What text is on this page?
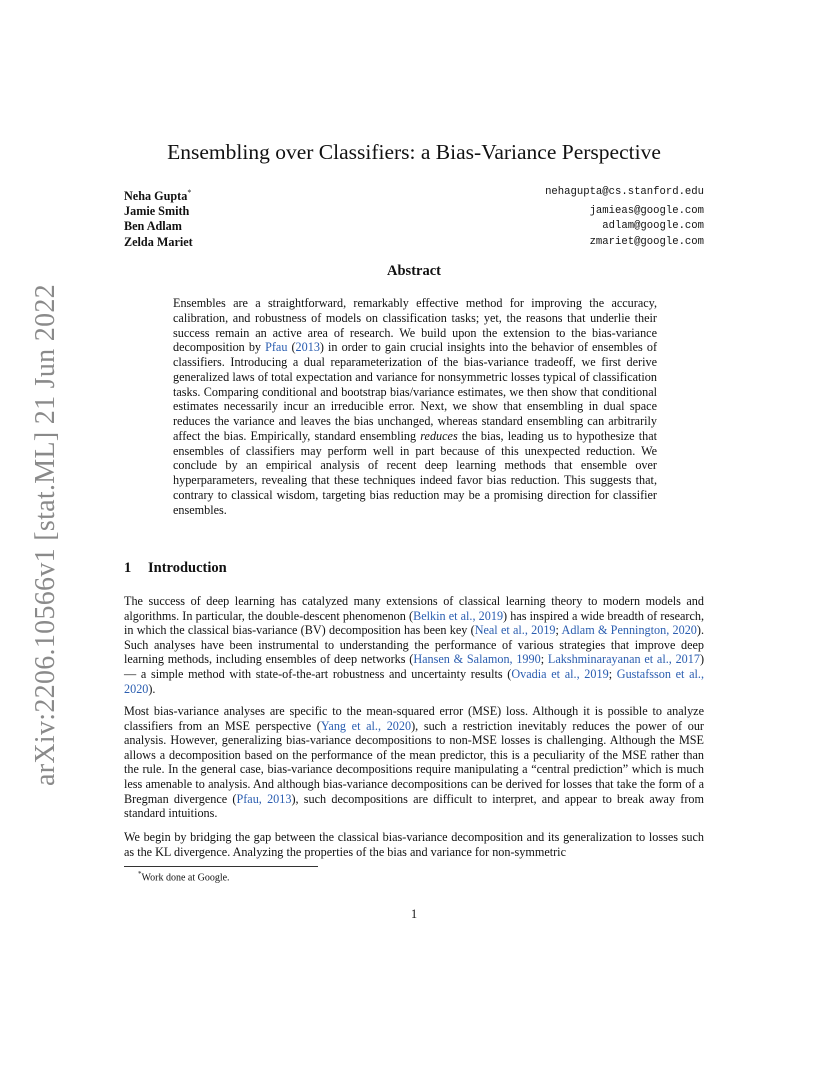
arXiv:2206.10566v1 [stat.ML] 21 Jun 2022
Ensembling over Classifiers: a Bias-Variance Perspective
Neha Gupta*	nehagupta@cs.stanford.edu
Jamie Smith	jamieas@google.com
Ben Adlam	adlam@google.com
Zelda Mariet	zmariet@google.com
Abstract

Ensembles are a straightforward, remarkably effective method for improving the accuracy, calibration, and robustness of models on classification tasks; yet, the reasons that underlie their success remain an active area of research. We build upon the extension to the bias-variance decomposition by Pfau (2013) in order to gain crucial insights into the behavior of ensembles of classifiers. Introducing a dual reparameterization of the bias-variance tradeoff, we first derive generalized laws of total expectation and variance for nonsymmetric losses typical of classification tasks. Comparing conditional and bootstrap bias/variance estimates, we then show that conditional estimates necessarily incur an irreducible error. Next, we show that ensembling in dual space reduces the variance and leaves the bias unchanged, whereas standard ensembling can arbitrarily affect the bias. Empirically, standard ensembling reduces the bias, leading us to hypothesize that ensembles of classifiers may perform well in part because of this unexpected reduction. We conclude by an empirical analysis of recent deep learning methods that ensemble over hyperparameters, revealing that these techniques indeed favor bias reduction. This suggests that, contrary to classical wisdom, targeting bias reduction may be a promising direction for classifier ensembles.

1 Introduction

The success of deep learning has catalyzed many extensions of classical learning theory to modern models and algorithms. In particular, the double-descent phenomenon (Belkin et al., 2019) has inspired a wide breadth of research, in which the classical bias-variance (BV) decomposition has been key (Neal et al., 2019; Adlam & Pennington, 2020). Such analyses have been instrumental to understanding the performance of various strategies that improve deep learning methods, including ensembles of deep networks (Hansen & Salamon, 1990; Lakshminarayanan et al., 2017) — a simple method with state-of-the-art robustness and uncertainty results (Ovadia et al., 2019; Gustafsson et al., 2020).

Most bias-variance analyses are specific to the mean-squared error (MSE) loss. Although it is possible to analyze classifiers from an MSE perspective (Yang et al., 2020), such a restriction inevitably reduces the power of our analysis. However, generalizing bias-variance decompositions to non-MSE losses is challenging. Although the MSE allows a decomposition based on the performance of the mean predictor, this is a peculiarity of the MSE rather than the rule. In the general case, bias-variance decompositions require manipulating a “central prediction” which is much less amenable to analysis. And although bias-variance decompositions can be derived for losses that take the form of a Bregman divergence (Pfau, 2013), such decompositions are difficult to interpret, and appear to break away from standard intuitions.

We begin by bridging the gap between the classical bias-variance decomposition and its generalization to losses such as the KL divergence. Analyzing the properties of the bias and variance for non-symmetric

*Work done at Google.
1
